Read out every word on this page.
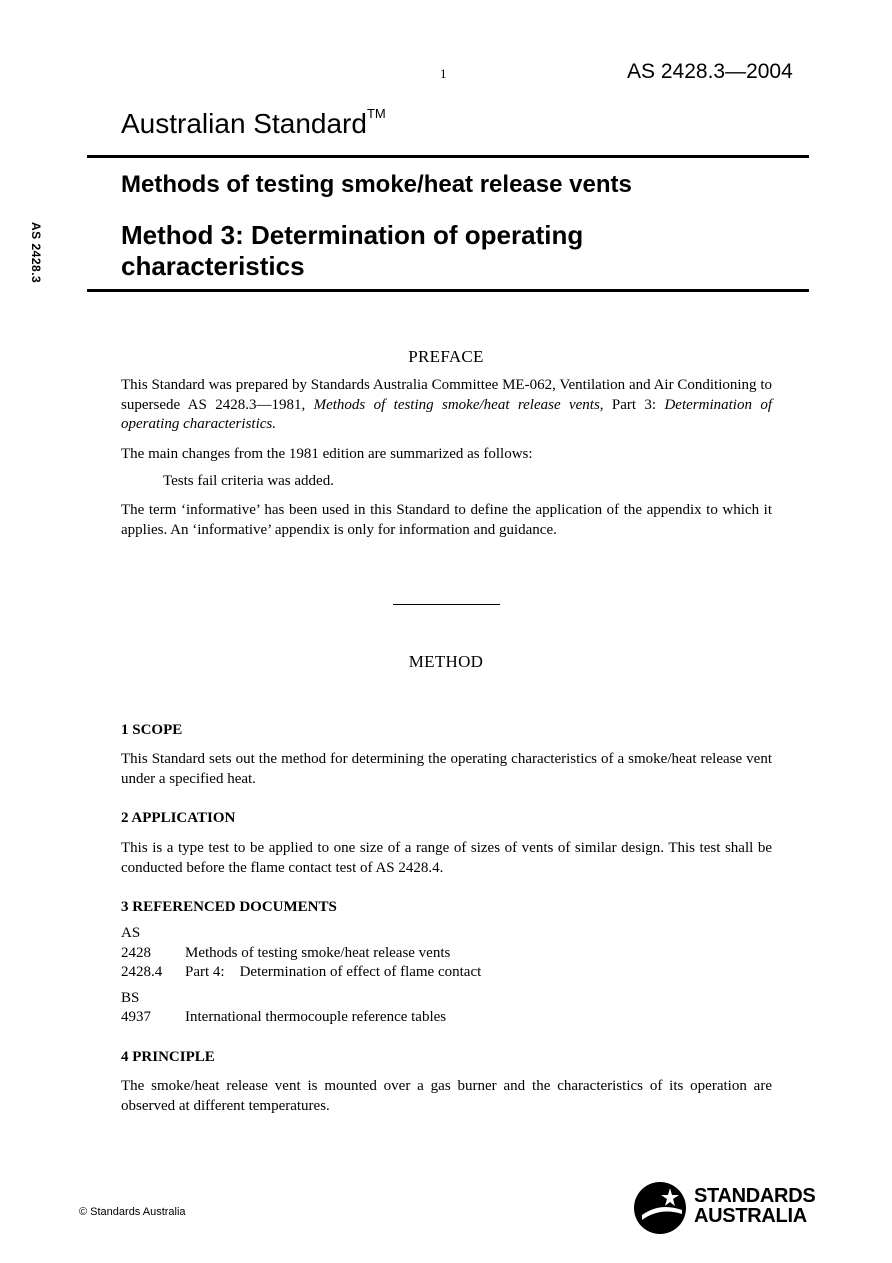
1	AS 2428.3—2004
AS 2428.3
Australian Standard™
Methods of testing smoke/heat release vents
Method 3: Determination of operating characteristics
PREFACE
This Standard was prepared by Standards Australia Committee ME-062, Ventilation and Air Conditioning to supersede AS 2428.3—1981, Methods of testing smoke/heat release vents, Part 3: Determination of operating characteristics.
The main changes from the 1981 edition are summarized as follows:
Tests fail criteria was added.
The term ‘informative’ has been used in this Standard to define the application of the appendix to which it applies. An ‘informative’ appendix is only for information and guidance.
METHOD
1 SCOPE
This Standard sets out the method for determining the operating characteristics of a smoke/heat release vent under a specified heat.
2 APPLICATION
This is a type test to be applied to one size of a range of sizes of vents of similar design. This test shall be conducted before the flame contact test of AS 2428.4.
3 REFERENCED DOCUMENTS
AS
2428 Methods of testing smoke/heat release vents
2428.4 Part 4:    Determination of effect of flame contact
BS
4937 International thermocouple reference tables
4 PRINCIPLE
The smoke/heat release vent is mounted over a gas burner and the characteristics of its operation are observed at different temperatures.
© Standards Australia
STANDARDS
AUSTRALIA
